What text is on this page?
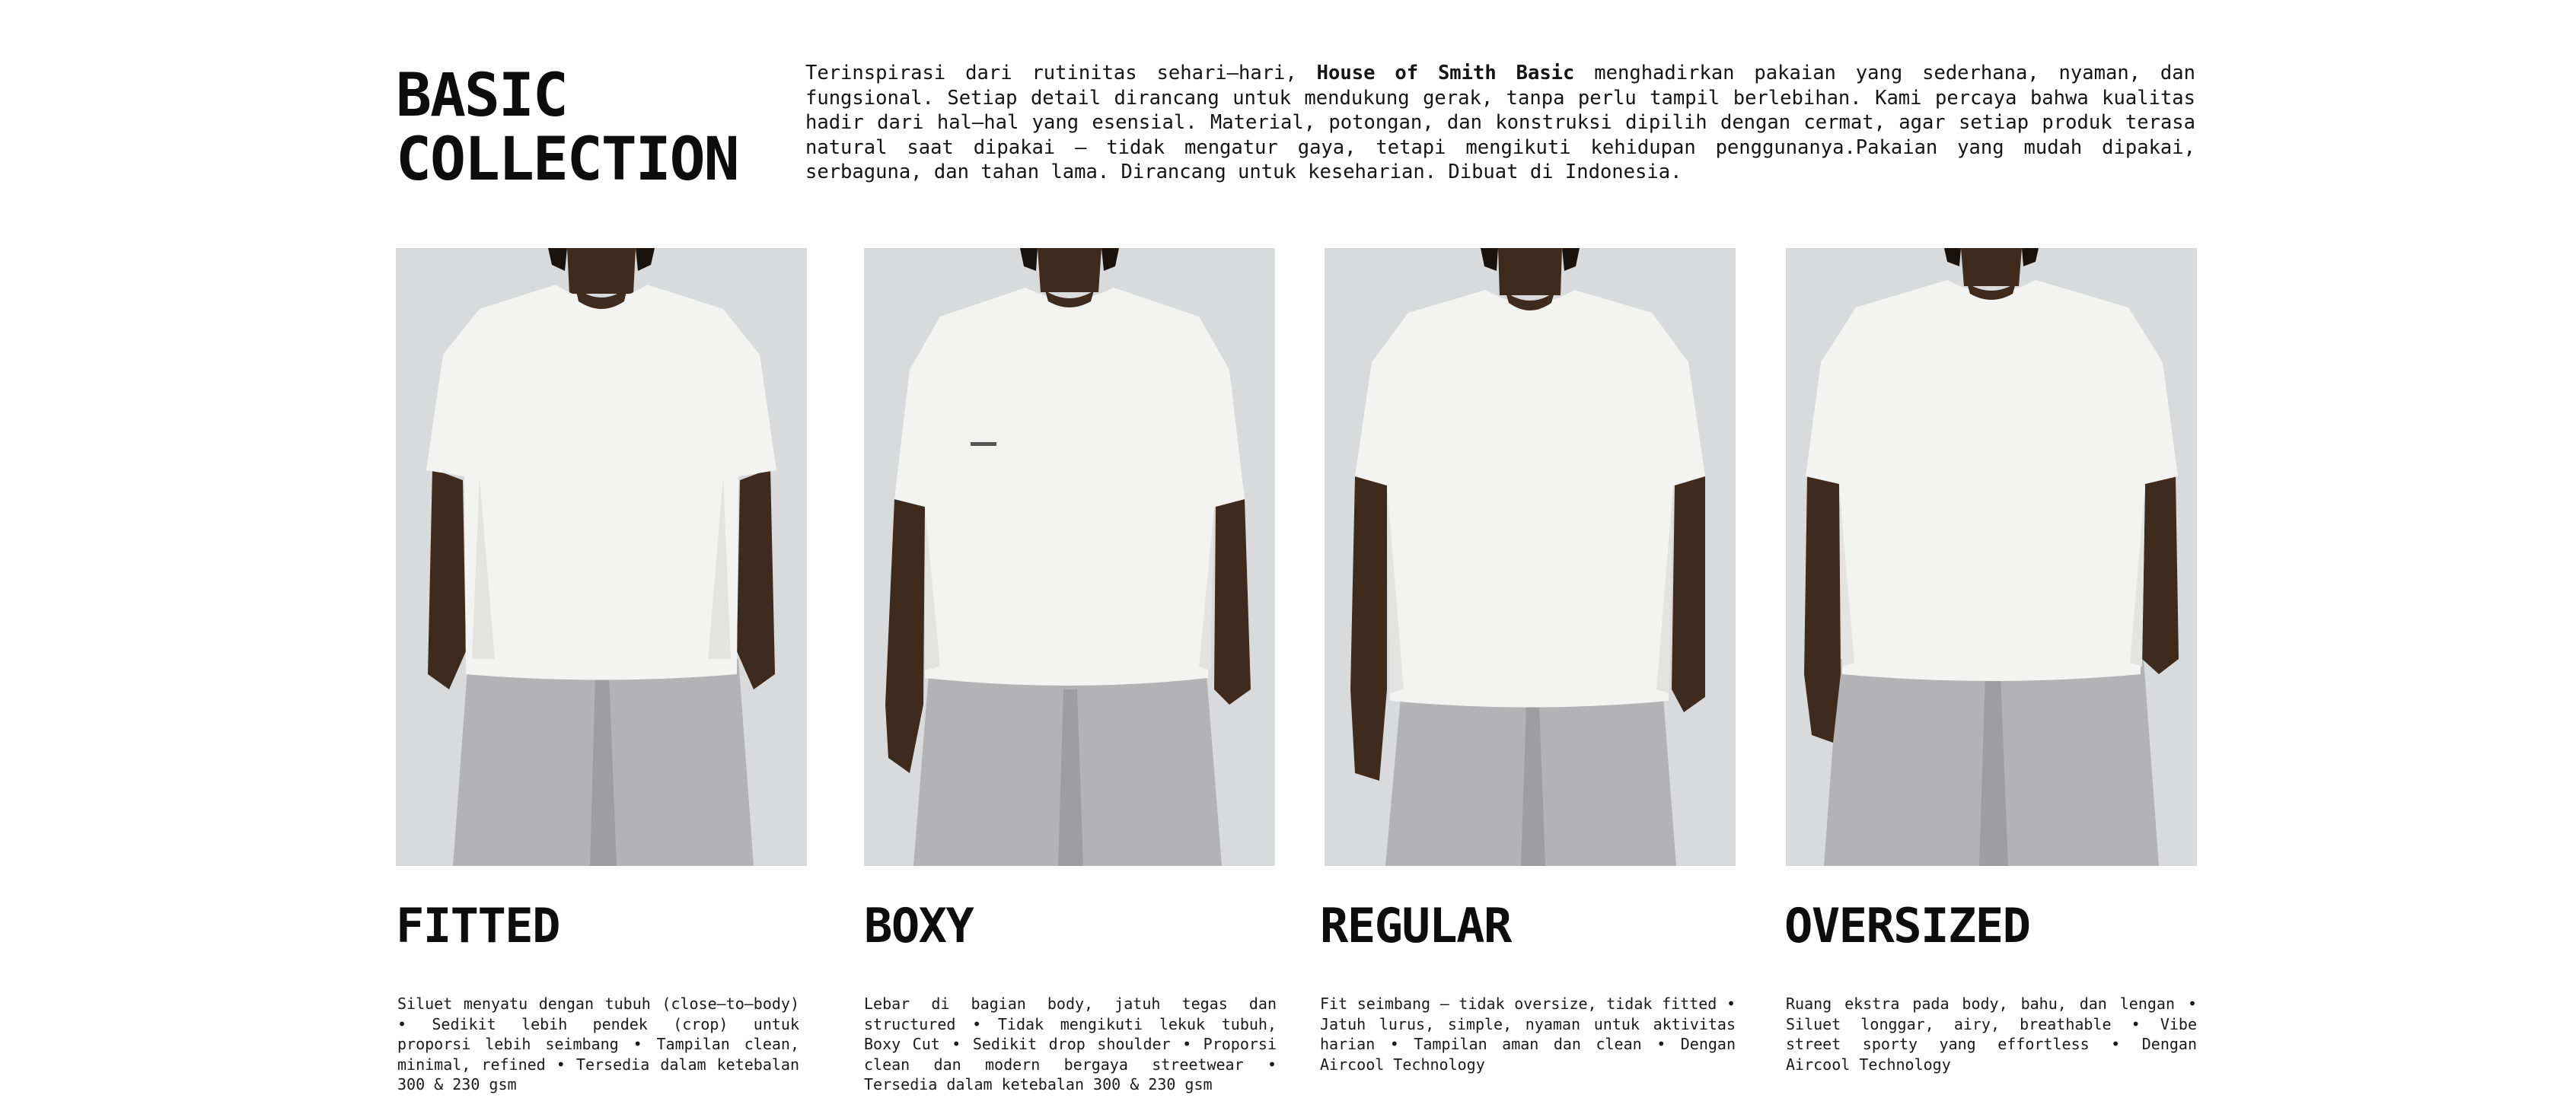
BASIC
COLLECTION

Terinspirasi dari rutinitas sehari–hari, House of Smith Basic menghadirkan pakaian yang sederhana, nyaman, dan fungsional. Setiap detail dirancang untuk mendukung gerak, tanpa perlu tampil berlebihan. Kami percaya bahwa kualitas hadir dari hal–hal yang esensial. Material, potongan, dan konstruksi dipilih dengan cermat, agar setiap produk terasa natural saat dipakai – tidak mengatur gaya, tetapi mengikuti kehidupan penggunanya.Pakaian yang mudah dipakai, serbaguna, dan tahan lama. Dirancang untuk keseharian. Dibuat di Indonesia.

FITTED

Siluet menyatu dengan tubuh (close–to–body) • Sedikit lebih pendek (crop) untuk proporsi lebih seimbang • Tampilan clean, minimal, refined • Tersedia dalam ketebalan 300 & 230 gsm

BOXY

Lebar di bagian body, jatuh tegas dan structured • Tidak mengikuti lekuk tubuh, Boxy Cut • Sedikit drop shoulder • Proporsi clean dan modern bergaya streetwear • Tersedia dalam ketebalan 300 & 230 gsm

REGULAR

Fit seimbang – tidak oversize, tidak fitted • Jatuh lurus, simple, nyaman untuk aktivitas harian • Tampilan aman dan clean • Dengan Aircool Technology

OVERSIZED

Ruang ekstra pada body, bahu, dan lengan • Siluet longgar, airy, breathable • Vibe street sporty yang effortless • Dengan Aircool Technology
